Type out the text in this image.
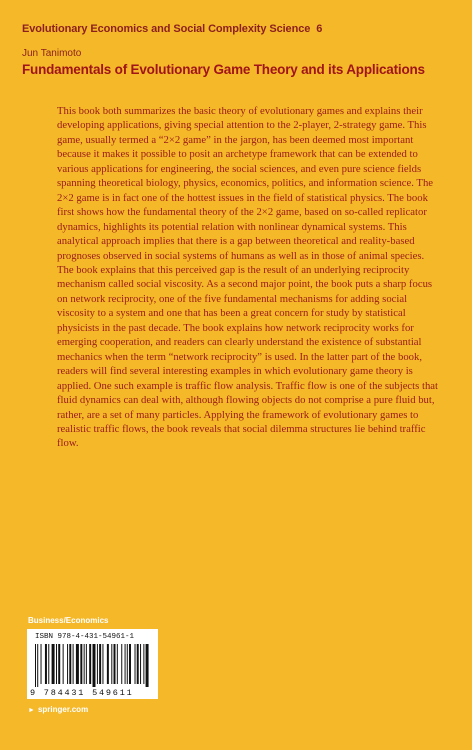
Evolutionary Economics and Social Complexity Science 6
Jun Tanimoto
Fundamentals of Evolutionary Game Theory and its Applications

This book both summarizes the basic theory of evolutionary games and explains their developing applications, giving special attention to the 2-player, 2-strategy game. This game, usually termed a “2×2 game” in the jargon, has been deemed most important because it makes it possible to posit an archetype framework that can be extended to various applications for engineering, the social sciences, and even pure science fields spanning theoretical biology, physics, economics, politics, and information science. The 2×2 game is in fact one of the hottest issues in the field of statistical physics. The book first shows how the fundamental theory of the 2×2 game, based on so-called replicator dynamics, highlights its potential relation with nonlinear dynamical systems. This analytical approach implies that there is a gap between theoretical and reality-based prognoses observed in social systems of humans as well as in those of animal species. The book explains that this perceived gap is the result of an underlying reciprocity mechanism called social viscosity. As a second major point, the book puts a sharp focus on network reciprocity, one of the five fundamental mechanisms for adding social viscosity to a system and one that has been a great concern for study by statistical physicists in the past decade. The book explains how network reciprocity works for emerging cooperation, and readers can clearly understand the existence of substantial mechanics when the term “network reciprocity” is used. In the latter part of the book, readers will find several interesting examples in which evolutionary game theory is applied. One such example is traffic flow analysis. Traffic flow is one of the subjects that fluid dynamics can deal with, although flowing objects do not comprise a pure fluid but, rather, are a set of many particles. Applying the framework of evolutionary games to realistic traffic flows, the book reveals that social dilemma structures lie behind traffic flow.

Business/Economics
ISBN 978-4-431-54961-1
9 784431 549611
► springer.com
